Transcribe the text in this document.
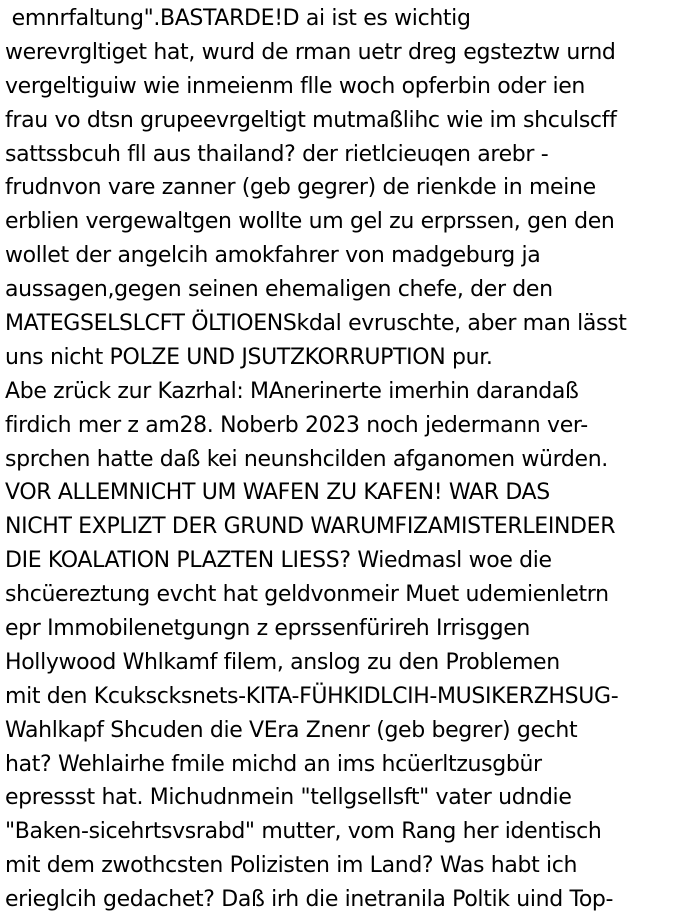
emnrfaltung".BASTARDE!D ai ist es wichtig
werevrgltiget hat, wurd de rman uetr dreg egsteztw urnd
vergeltiguiw wie inmeienm flle woch opferbin oder ien
frau vo dtsn grupeevrgeltigt mutmaßlihc wie im shculscff
sattssbcuh fll aus thailand? der rietlcieuqen arebr -
frudnvon vare zanner (geb gegrer) de rienkde in meine
erblien vergewaltgen wollte um gel zu erprssen, gen den
wollet der angelcih amokfahrer von madgeburg ja
aussagen,gegen seinen ehemaligen chefe, der den
MATEGSELSLCFT ÖLTIOENSkdal evruschte, aber man lässt
uns nicht POLZE UND JSUTZKORRUPTION pur.
Abe zrück zur Kazrhal: MAnerinerte imerhin darandaß
firdich mer z am28. Noberb 2023 noch jedermann ver-
sprchen hatte daß kei neunshcilden afganomen würden.
VOR ALLEMNICHT UM WAFEN ZU KAFEN! WAR DAS
NICHT EXPLIZT DER GRUND WARUMFIZAMISTERLEINDER
DIE KOALATION PLAZTEN LIESS? Wiedmasl woe die
shcüereztung evcht hat geldvonmeir Muet udemienletrn
epr Immobilenetgungn z eprssenfürireh Irrisggen
Hollywood Whlkamf filem, anslog zu den Problemen
mit den Kcukscksnets-KITA-FÜHKIDLCIH-MUSIKERZHSUG-
Wahlkapf Shcuden die VEra Znenr (geb begrer) gecht
hat? Wehlairhe fmile michd an ims hcüerltzusgbür
epressst hat. Michudnmein "tellgsellsft" vater udndie
"Baken-sicehrtsvsrabd" mutter, vom Rang her identisch
mit dem zwothcsten Polizisten im Land? Was habt ich
erieglcih gedachet? Daß irh die inetranila Poltik uind Top-
